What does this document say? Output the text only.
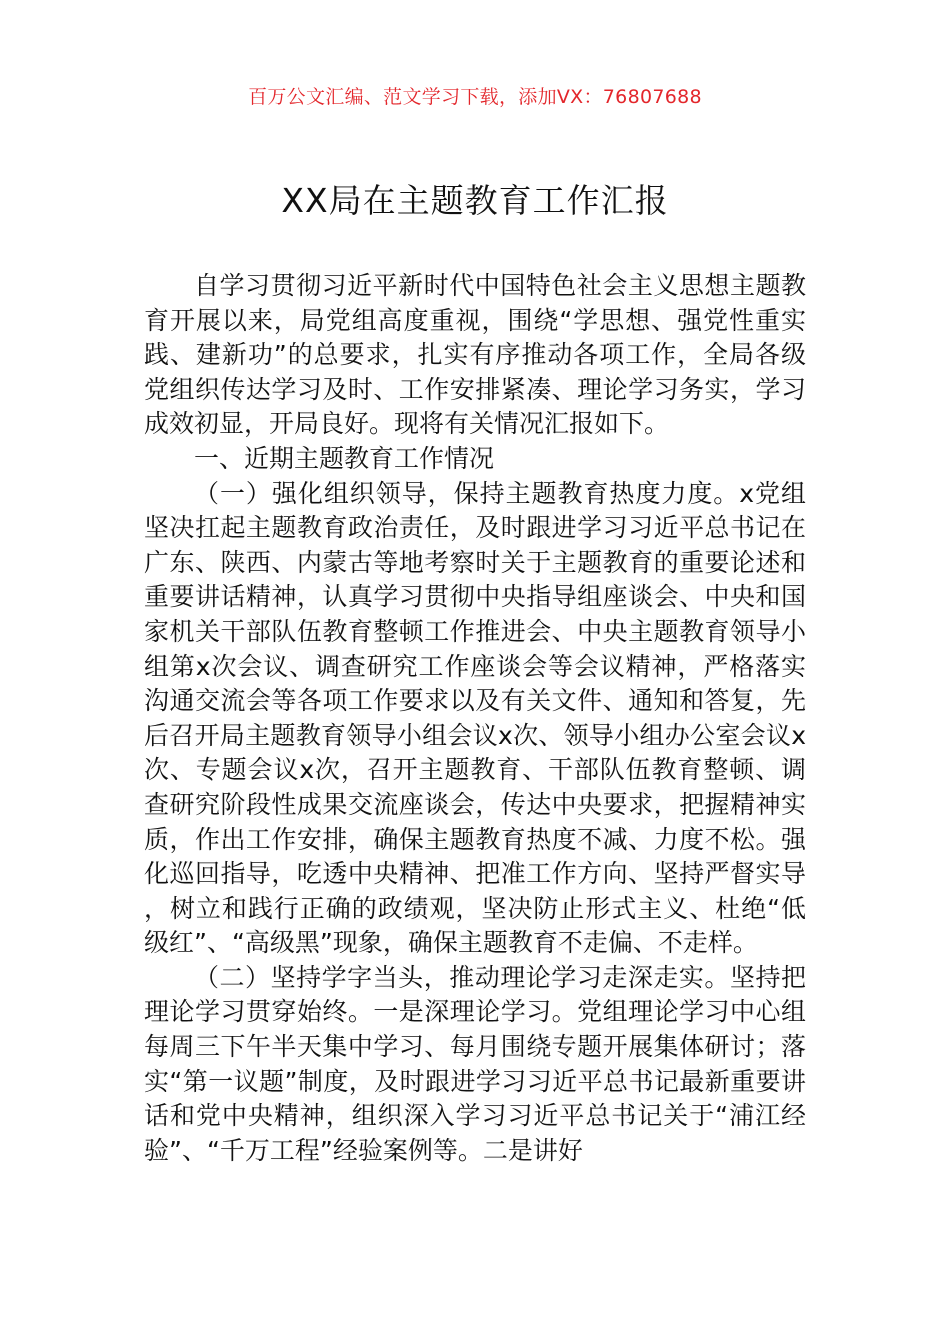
百万公文汇编、范文学习下载，添加VX：76807688
XX局在主题教育工作汇报

自学习贯彻习近平新时代中国特色社会主义思想主题教育开展以来，局党组高度重视，围绕“学思想、强党性重实践、建新功”的总要求，扎实有序推动各项工作，全局各级党组织传达学习及时、工作安排紧凑、理论学习务实，学习成效初显，开局良好。现将有关情况汇报如下。

一、近期主题教育工作情况

（一）强化组织领导，保持主题教育热度力度。x党组坚决扛起主题教育政治责任，及时跟进学习习近平总书记在广东、陕西、内蒙古等地考察时关于主题教育的重要论述和重要讲话精神，认真学习贯彻中央指导组座谈会、中央和国家机关干部队伍教育整顿工作推进会、中央主题教育领导小组第x次会议、调查研究工作座谈会等会议精神，严格落实沟通交流会等各项工作要求以及有关文件、通知和答复，先后召开局主题教育领导小组会议x次、领导小组办公室会议x次、专题会议x次，召开主题教育、干部队伍教育整顿、调查研究阶段性成果交流座谈会，传达中央要求，把握精神实质，作出工作安排，确保主题教育热度不减、力度不松。强化巡回指导，吃透中央精神、把准工作方向、坚持严督实导，树立和践行正确的政绩观，坚决防止形式主义、杜绝“低级红”、“高级黑”现象，确保主题教育不走偏、不走样。

（二）坚持学字当头，推动理论学习走深走实。坚持把理论学习贯穿始终。一是深理论学习。党组理论学习中心组每周三下午半天集中学习、每月围绕专题开展集体研讨；落实“第一议题”制度，及时跟进学习习近平总书记最新重要讲话和党中央精神，组织深入学习习近平总书记关于“浦江经验”、“千万工程”经验案例等。二是讲好
